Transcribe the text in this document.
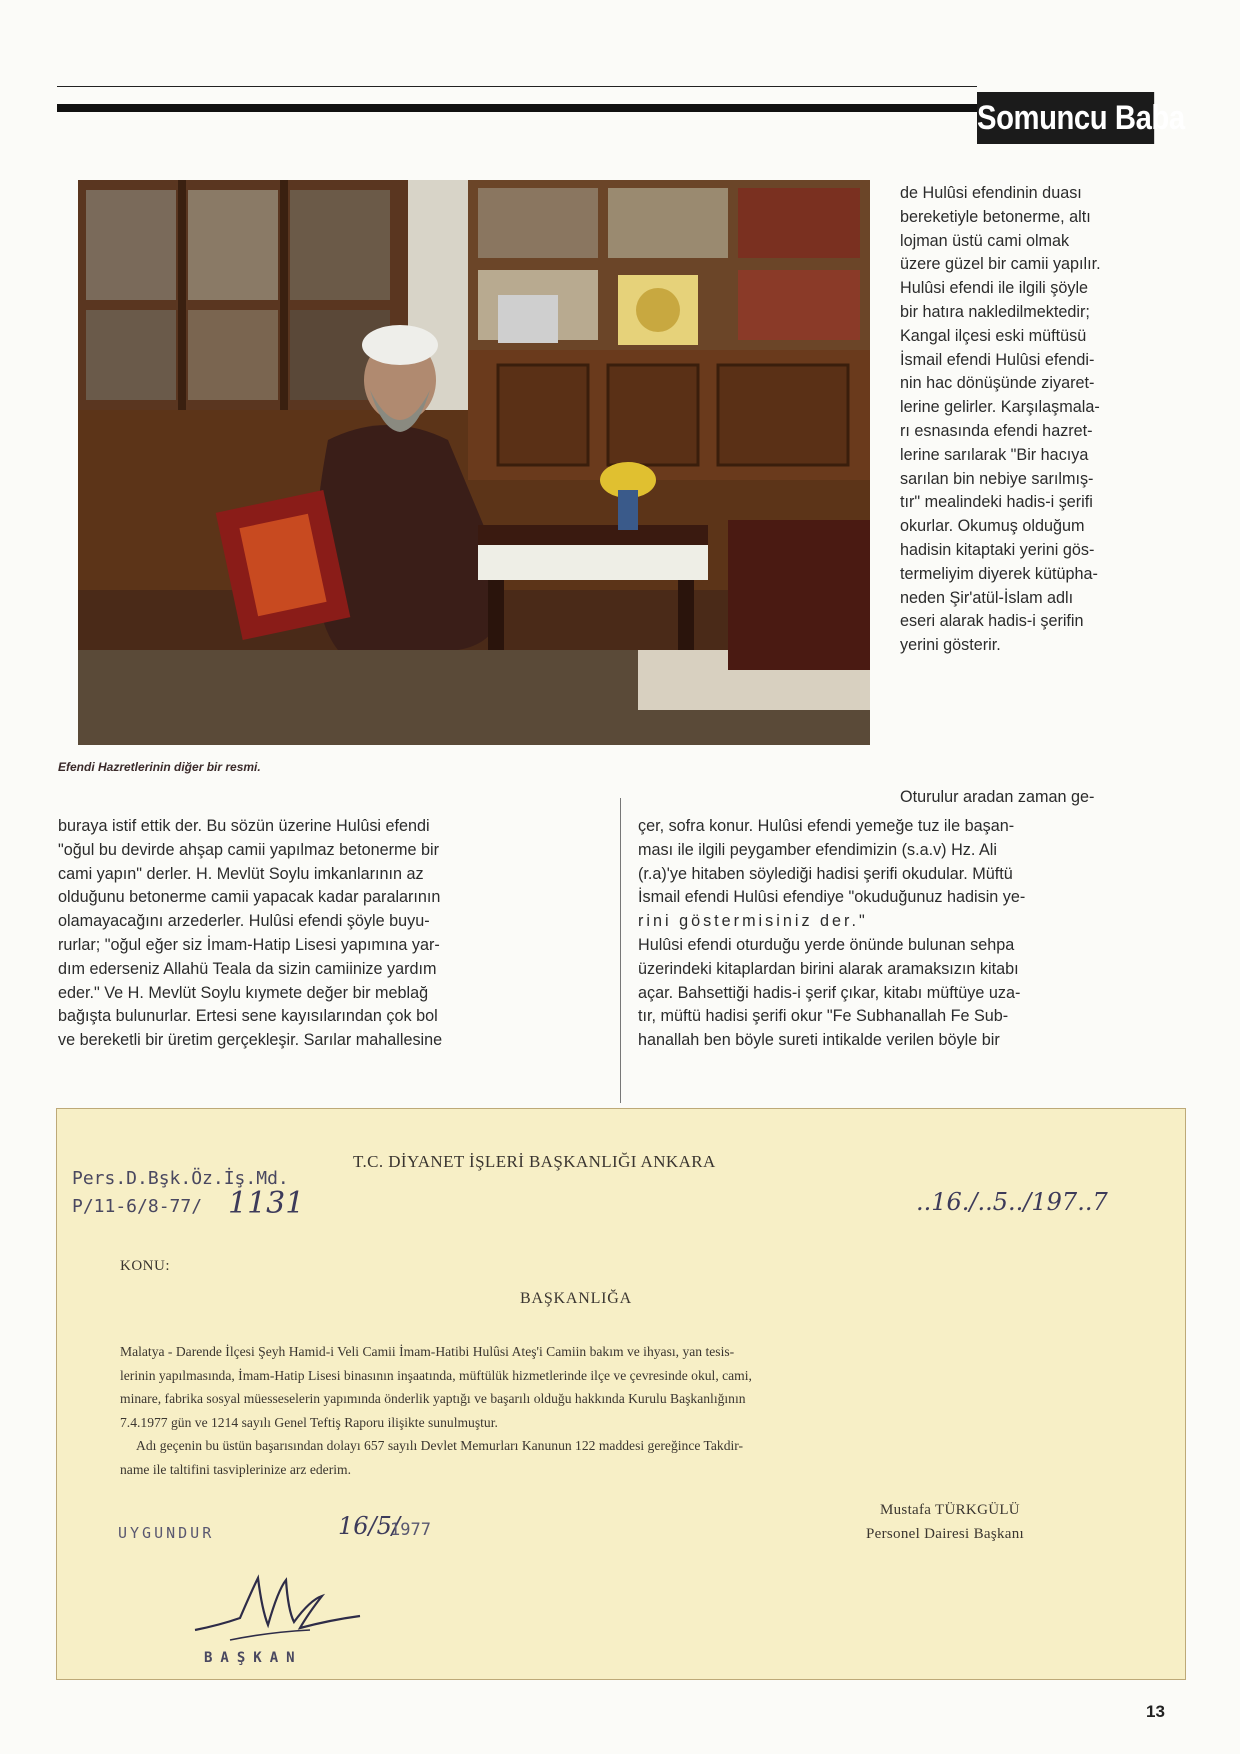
Somuncu Baba
Efendi Hazretlerinin diğer bir resmi.
de Hulûsi efendinin duası
bereketiyle betonerme, altı
lojman üstü cami olmak
üzere güzel bir camii yapılır.
Hulûsi efendi ile ilgili şöyle
bir hatıra nakledilmektedir;
Kangal ilçesi eski müftüsü
İsmail efendi Hulûsi efendi-
nin hac dönüşünde ziyaret-
lerine gelirler. Karşılaşmala-
rı esnasında efendi hazret-
lerine sarılarak "Bir hacıya
sarılan bin nebiye sarılmış-
tır" mealindeki hadis-i şerifi
okurlar. Okumuş olduğum
hadisin kitaptaki yerini gös-
termeliyim diyerek kütüpha-
neden Şir'atül-İslam adlı
eseri alarak hadis-i şerifin
yerini gösterir.
Oturulur aradan zaman ge-
buraya istif ettik der. Bu sözün üzerine Hulûsi efendi
"oğul bu devirde ahşap camii yapılmaz betonerme bir
cami yapın" derler. H. Mevlüt Soylu imkanlarının az
olduğunu betonerme camii yapacak kadar paralarının
olamayacağını arzederler. Hulûsi efendi şöyle buyu-
rurlar; "oğul eğer siz İmam-Hatip Lisesi yapımına yar-
dım ederseniz Allahü Teala da sizin camiinize yardım
eder." Ve H. Mevlüt Soylu kıymete değer bir meblağ
bağışta bulunurlar. Ertesi sene kayısılarından çok bol
ve bereketli bir üretim gerçekleşir. Sarılar mahallesine
çer, sofra konur. Hulûsi efendi yemeğe tuz ile başan-
ması ile ilgili peygamber efendimizin (s.a.v) Hz. Ali
(r.a)'ye hitaben söylediği hadisi şerifi okudular. Müftü
İsmail efendi Hulûsi efendiye "okuduğunuz hadisin ye-
rini göstermisiniz der."
Hulûsi efendi oturduğu yerde önünde bulunan sehpa
üzerindeki kitaplardan birini alarak aramaksızın kitabı
açar. Bahsettiği hadis-i şerif çıkar, kitabı müftüye uza-
tır, müftü hadisi şerifi okur "Fe Subhanallah Fe Sub-
hanallah ben böyle sureti intikalde verilen böyle bir
T.C. DİYANET İŞLERİ BAŞKANLIĞI ANKARA
Pers.D.Bşk.Öz.İş.Md.
P/11-6/8-77/ 1131	..16./..5../197..7
KONU:
BAŞKANLIĞA
Malatya - Darende İlçesi Şeyh Hamid-i Veli Camii İmam-Hatibi Hulûsi Ateş'i Camiin bakım ve ihyası, yan tesis-
lerinin yapılmasında, İmam-Hatip Lisesi binasının inşaatında, müftülük hizmetlerinde ilçe ve çevresinde okul, cami,
minare, fabrika sosyal müesseselerin yapımında önderlik yaptığı ve başarılı olduğu hakkında Kurulu Başkanlığının
7.4.1977 gün ve 1214 sayılı Genel Teftiş Raporu ilişikte sunulmuştur.
Adı geçenin bu üstün başarısından dolayı 657 sayılı Devlet Memurları Kanunun 122 maddesi gereğince Takdir-
name ile taltifini tasviplerinize arz ederim.
Mustafa TÜRKGÜLÜ
Personel Dairesi Başkanı
UYGUNDUR	16/5/
1977
BAŞKAN
13
